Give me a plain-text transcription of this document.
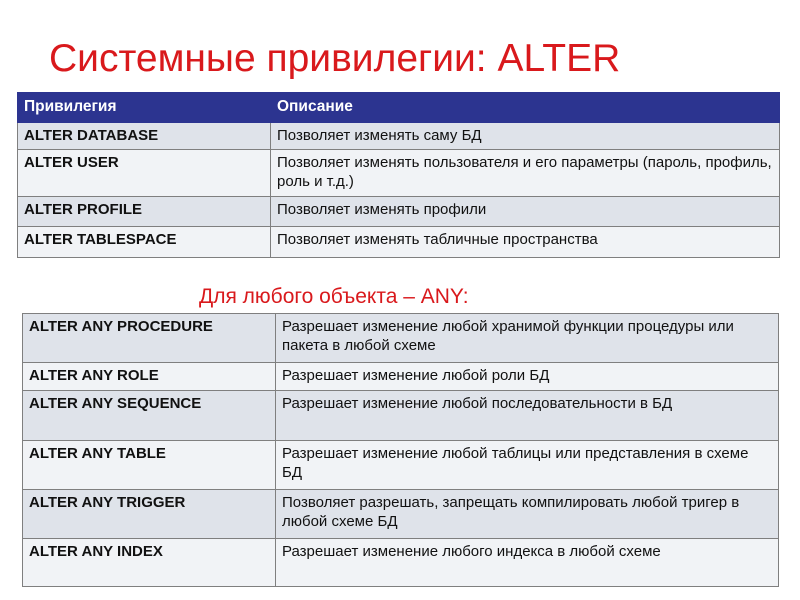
Системные привилегии: ALTER
Привилегия	Описание
ALTER DATABASE	Позволяет изменять саму БД
ALTER USER	Позволяет изменять пользователя и его параметры (пароль, профиль, роль и т.д.)
ALTER PROFILE	Позволяет изменять профили
ALTER TABLESPACE	Позволяет изменять табличные пространства

Для любого объекта – ANY:

ALTER ANY PROCEDURE	Разрешает изменение любой хранимой функции процедуры или пакета в любой схеме
ALTER ANY ROLE	Разрешает изменение любой роли БД
ALTER ANY SEQUENCE	Разрешает изменение любой последовательности в БД
ALTER ANY TABLE	Разрешает изменение любой таблицы или представления в схеме БД
ALTER ANY TRIGGER	Позволяет разрешать, запрещать компилировать любой тригер в любой схеме БД
ALTER ANY INDEX	Разрешает изменение любого индекса в любой схеме
